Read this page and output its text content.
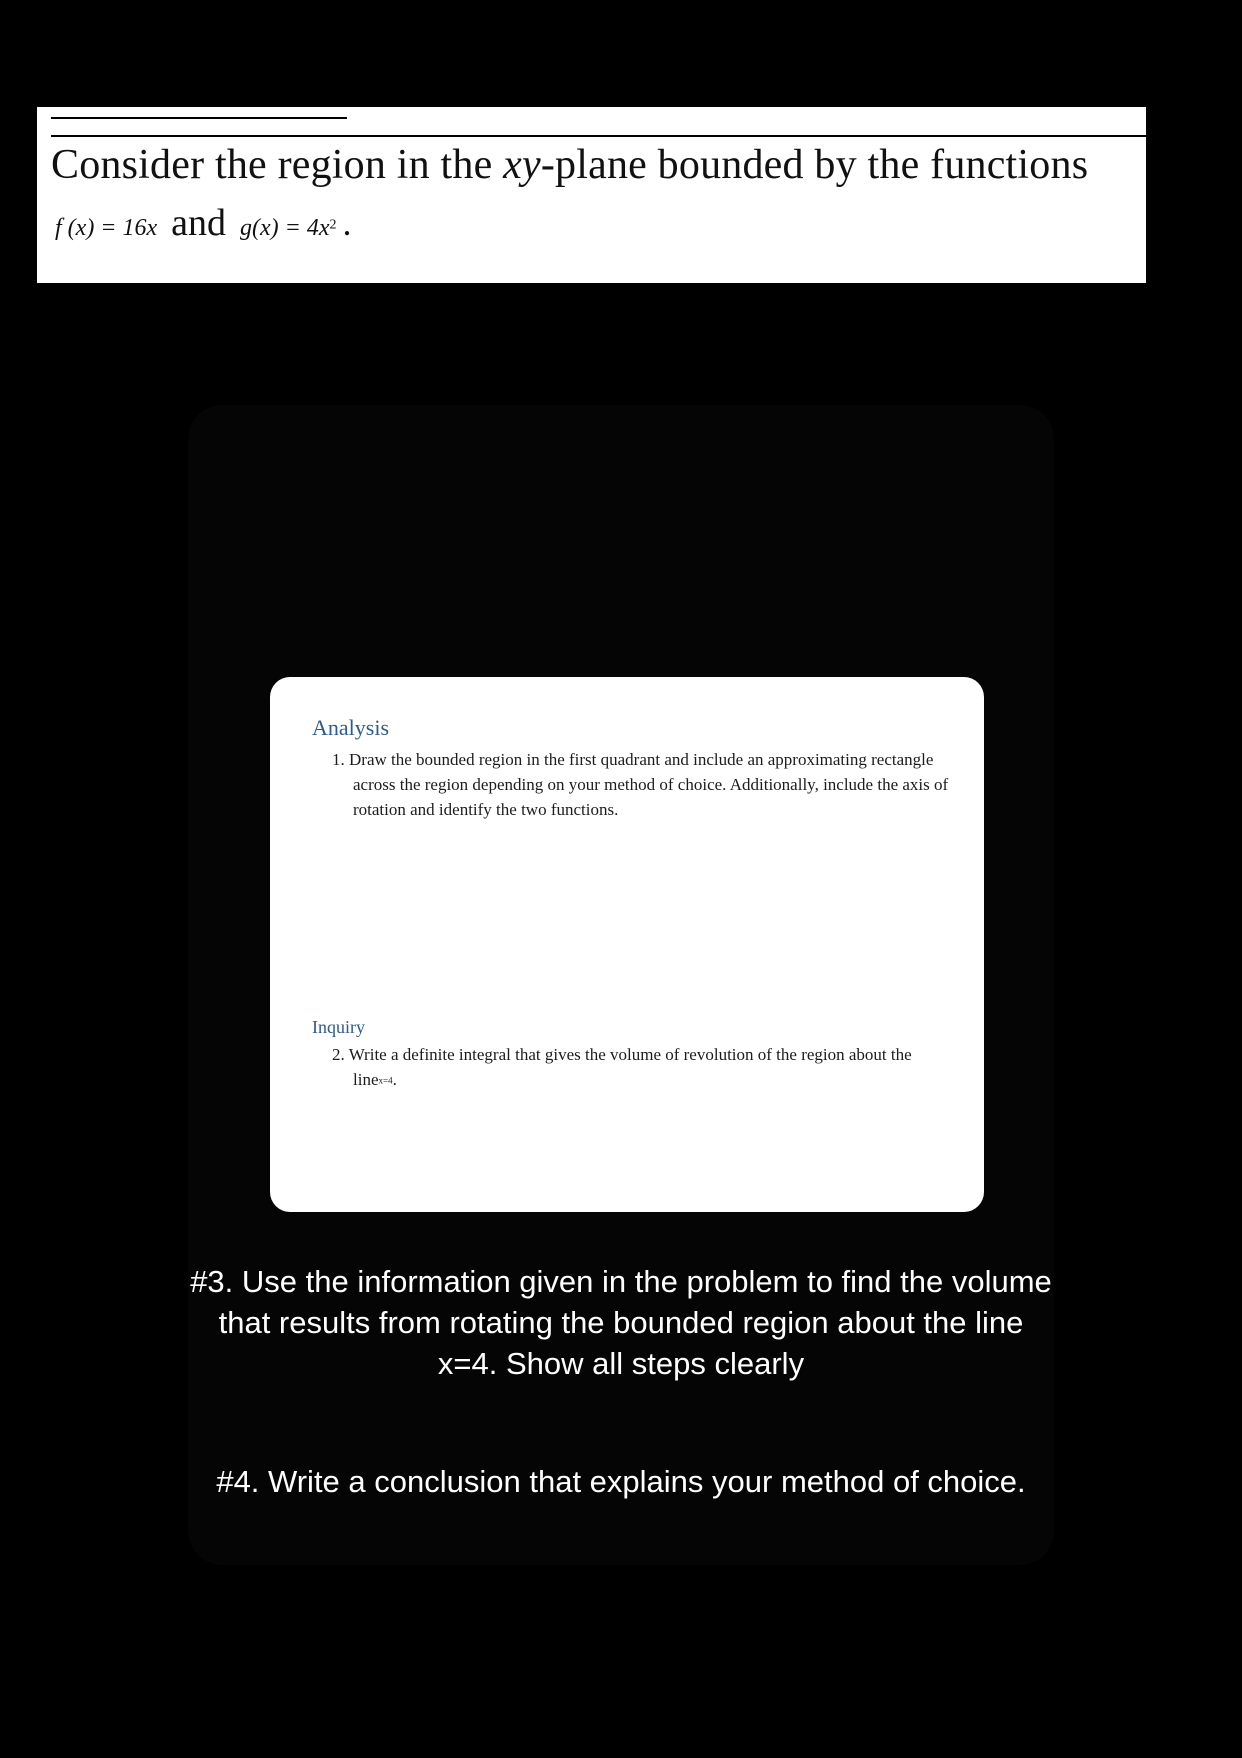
Consider the region in the xy-plane bounded by the functions
f (x) = 16x and $g(x) = 4x^2$ .
Analysis
1. Draw the bounded region in the first quadrant and include an approximating rectangle across the region depending on your method of choice. Additionally, include the axis of rotation and identify the two functions.
Inquiry
2. Write a definite integral that gives the volume of revolution of the region about the linex=4.
#3. Use the information given in the problem to find the volume that results from rotating the bounded region about the line x=4. Show all steps clearly
#4. Write a conclusion that explains your method of choice.
